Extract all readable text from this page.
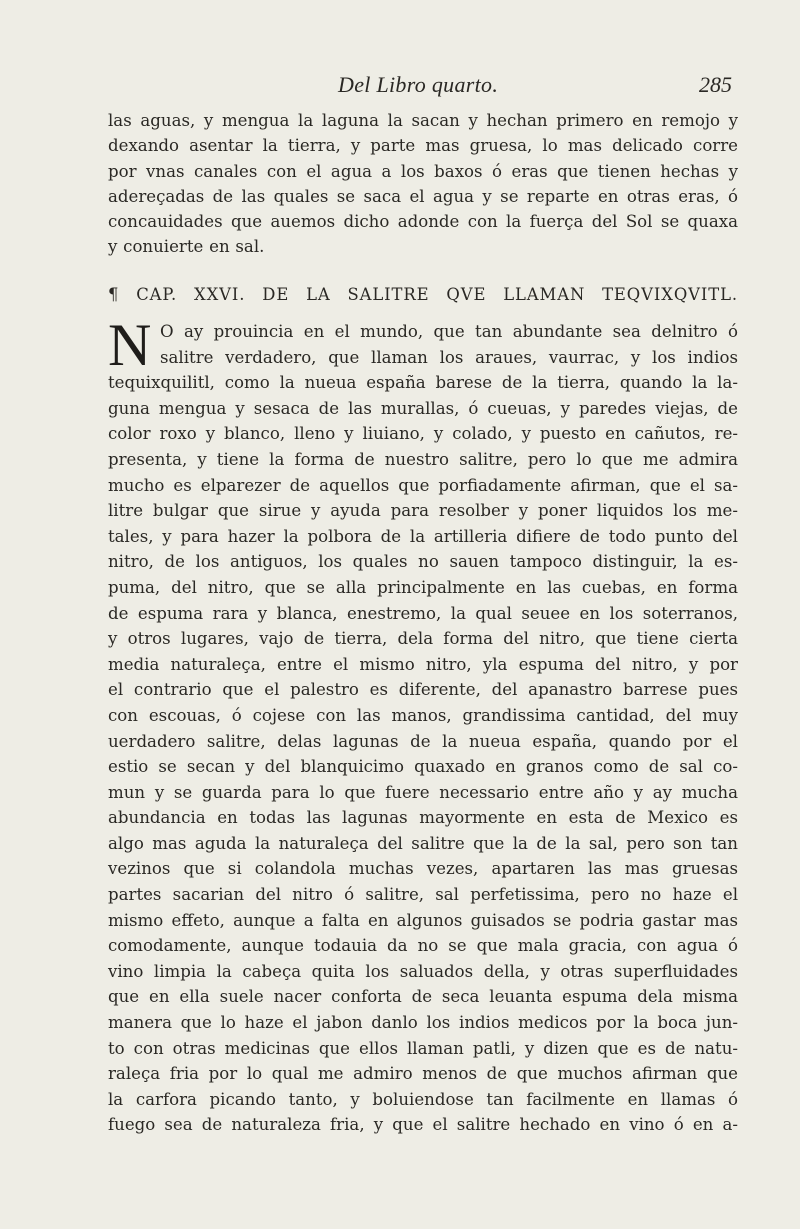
Del Libro quarto.	285
las aguas, y mengua la laguna la sacan y hechan primero en remojo y
dexando asentar la tierra, y parte mas gruesa, lo mas delicado corre
por vnas canales con el agua a los baxos ó eras que tienen hechas y
adereçadas de las quales se saca el agua y se reparte en otras eras, ó
concauidades que auemos dicho adonde con la fuerça del Sol se quaxa
y conuierte en sal.
¶ CAP. XXVI. DE LA SALITRE QVE LLAMAN TEQVIXQVITL.
N O ay prouincia en el mundo, que tan abundante sea delnitro ó
salitre verdadero, que llaman los araues, vaurrac, y los indios
tequixquilitl, como la nueua españa barese de la tierra, quando la la-
guna mengua y sesaca de las murallas, ó cueuas, y paredes viejas, de
color roxo y blanco, lleno y liuiano, y colado, y puesto en cañutos, re-
presenta, y tiene la forma de nuestro salitre, pero lo que me admira
mucho es elparezer de aquellos que porfiadamente afirman, que el sa-
litre bulgar que sirue y ayuda para resolber y poner liquidos los me-
tales, y para hazer la polbora de la artilleria difiere de todo punto del
nitro, de los antiguos, los quales no sauen tampoco distinguir, la es-
puma, del nitro, que se alla principalmente en las cuebas, en forma
de espuma rara y blanca, enestremo, la qual seuee en los soterranos,
y otros lugares, vajo de tierra, dela forma del nitro, que tiene cierta
media naturaleça, entre el mismo nitro, yla espuma del nitro, y por
el contrario que el palestro es diferente, del apanastro barrese pues
con escouas, ó cojese con las manos, grandissima cantidad, del muy
uerdadero salitre, delas lagunas de la nueua españa, quando por el
estio se secan y del blanquicimo quaxado en granos como de sal co-
mun y se guarda para lo que fuere necessario entre año y ay mucha
abundancia en todas las lagunas mayormente en esta de Mexico es
algo mas aguda la naturaleça del salitre que la de la sal, pero son tan
vezinos que si colandola muchas vezes, apartaren las mas gruesas
partes sacarian del nitro ó salitre, sal perfetissima, pero no haze el
mismo effeto, aunque a falta en algunos guisados se podria gastar mas
comodamente, aunque todauia da no se que mala gracia, con agua ó
vino limpia la cabeça quita los saluados della, y otras superfluidades
que en ella suele nacer conforta de seca leuanta espuma dela misma
manera que lo haze el jabon danlo los indios medicos por la boca jun-
to con otras medicinas que ellos llaman patli, y dizen que es de natu-
raleça fria por lo qual me admiro menos de que muchos afirman que
la carfora picando tanto, y boluiendose tan facilmente en llamas ó
fuego sea de naturaleza fria, y que el salitre hechado en vino ó en a-
